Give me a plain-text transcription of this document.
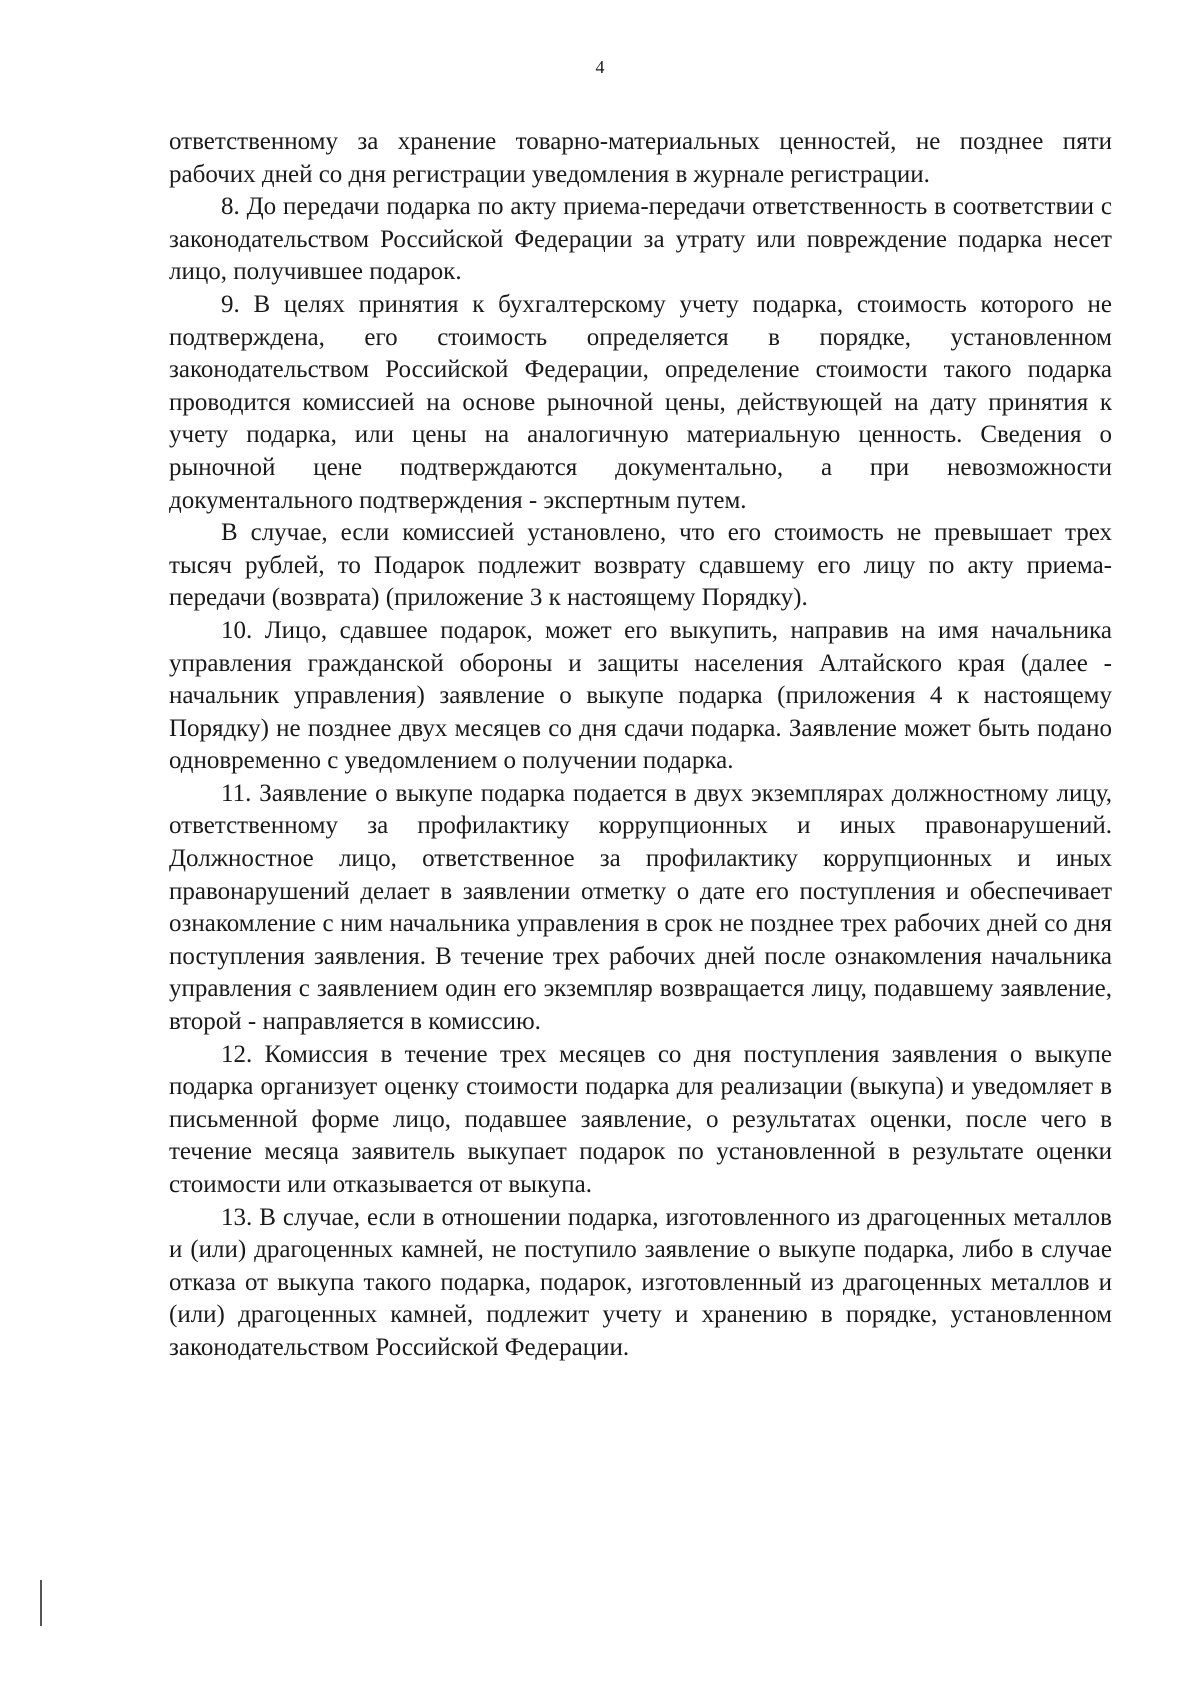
4

ответственному за хранение товарно-материальных ценностей, не позднее пяти рабочих дней со дня регистрации уведомления в журнале регистрации.

8. До передачи подарка по акту приема-передачи ответственность в соответствии с законодательством Российской Федерации за утрату или повреждение подарка несет лицо, получившее подарок.

9. В целях принятия к бухгалтерскому учету подарка, стоимость которого не подтверждена, его стоимость определяется в порядке, установленном законодательством Российской Федерации, определение стоимости такого подарка проводится комиссией на основе рыночной цены, действующей на дату принятия к учету подарка, или цены на аналогичную материальную ценность. Сведения о рыночной цене подтверждаются документально, а при невозможности документального подтверждения - экспертным путем.

В случае, если комиссией установлено, что его стоимость не превышает трех тысяч рублей, то Подарок подлежит возврату сдавшему его лицу по акту приема-передачи (возврата) (приложение 3 к настоящему Порядку).

10. Лицо, сдавшее подарок, может его выкупить, направив на имя начальника управления гражданской обороны и защиты населения Алтайского края (далее - начальник управления) заявление о выкупе подарка (приложения 4 к настоящему Порядку) не позднее двух месяцев со дня сдачи подарка. Заявление может быть подано одновременно с уведомлением о получении подарка.

11. Заявление о выкупе подарка подается в двух экземплярах должностному лицу, ответственному за профилактику коррупционных и иных правонарушений. Должностное лицо, ответственное за профилактику коррупционных и иных правонарушений делает в заявлении отметку о дате его поступления и обеспечивает ознакомление с ним начальника управления в срок не позднее трех рабочих дней со дня поступления заявления. В течение трех рабочих дней после ознакомления начальника управления с заявлением один его экземпляр возвращается лицу, подавшему заявление, второй - направляется в комиссию.

12. Комиссия в течение трех месяцев со дня поступления заявления о выкупе подарка организует оценку стоимости подарка для реализации (выкупа) и уведомляет в письменной форме лицо, подавшее заявление, о результатах оценки, после чего в течение месяца заявитель выкупает подарок по установленной в результате оценки стоимости или отказывается от выкупа.

13. В случае, если в отношении подарка, изготовленного из драгоценных металлов и (или) драгоценных камней, не поступило заявление о выкупе подарка, либо в случае отказа от выкупа такого подарка, подарок, изготовленный из драгоценных металлов и (или) драгоценных камней, подлежит учету и хранению в порядке, установленном законодательством Российской Федерации.
